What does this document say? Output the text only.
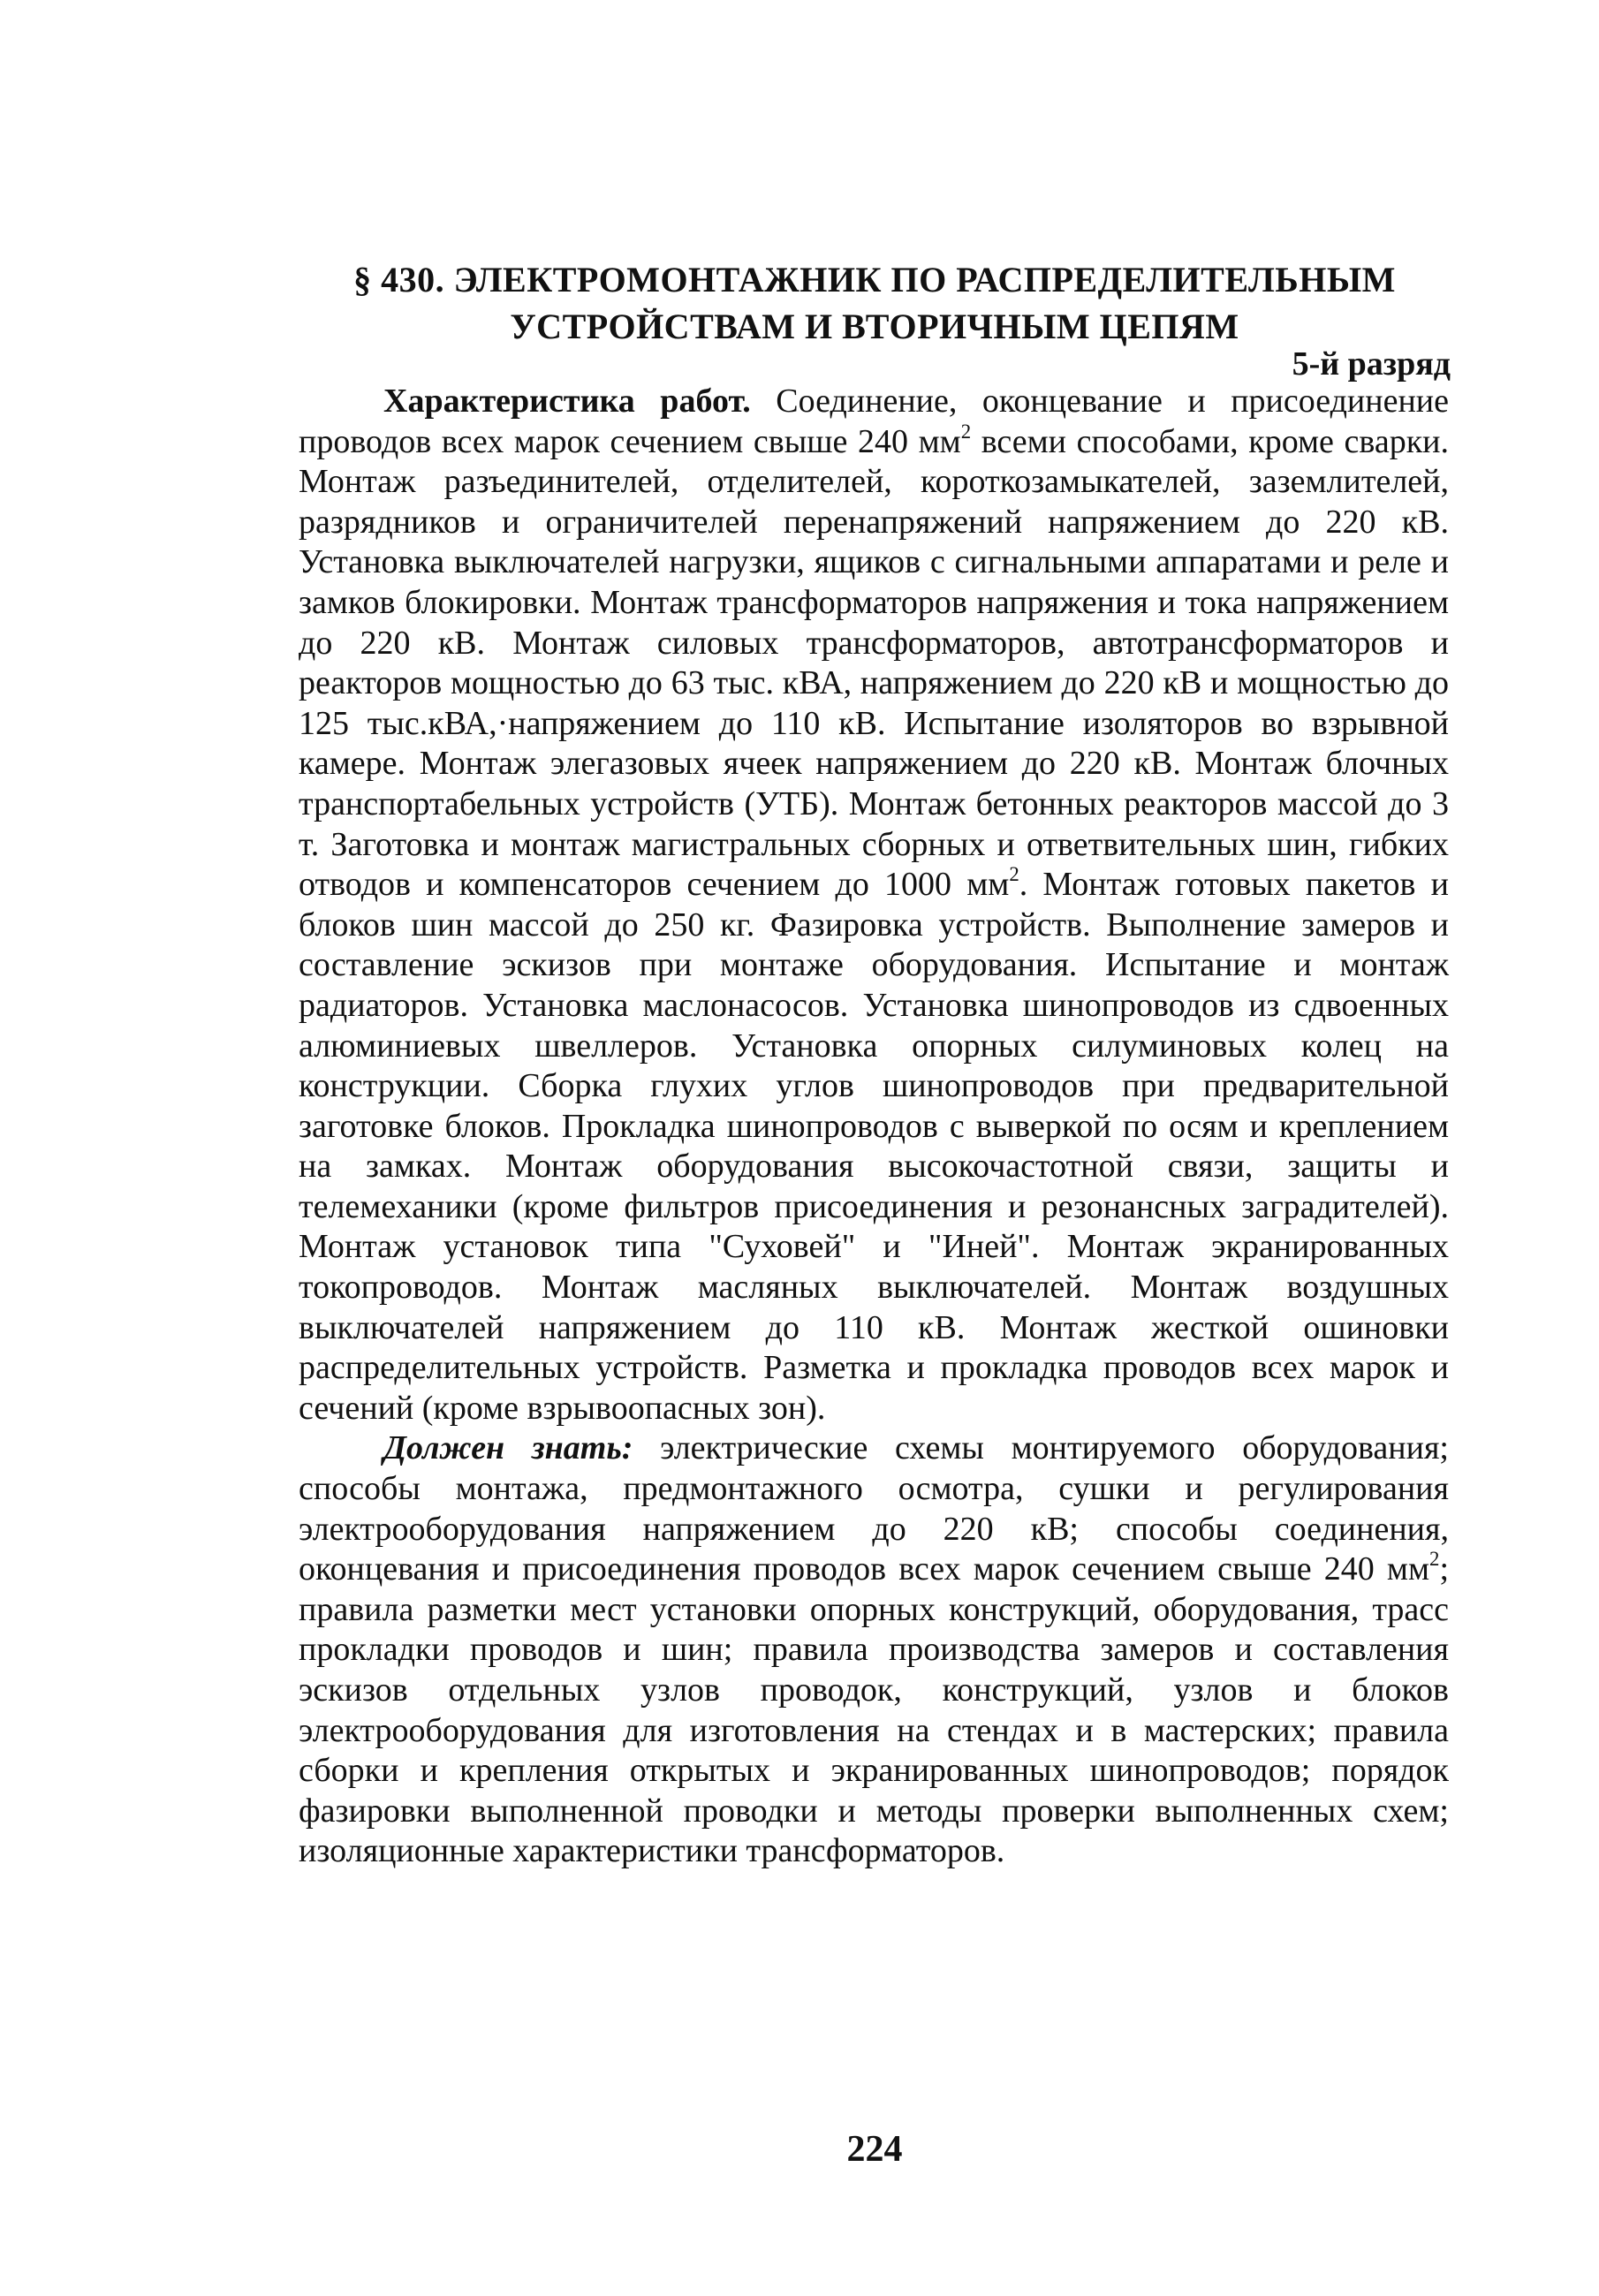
§ 430. ЭЛЕКТРОМОНТАЖНИК ПО РАСПРЕДЕЛИТЕЛЬНЫМ
УСТРОЙСТВАМ И ВТОРИЧНЫМ ЦЕПЯМ
5-й разряд

Характеристика работ. Соединение, оконцевание и присоединение проводов всех марок сечением свыше 240 $мм^2$ всеми способами, кроме сварки. Монтаж разъединителей, отделителей, короткозамыкателей, заземлителей, разрядников и ограничителей перенапряжений напряжением до 220 кВ. Установка выключателей нагрузки, ящиков с сигнальными аппаратами и реле и замков блокировки. Монтаж трансформаторов напряжения и тока напряжением до 220 кВ. Монтаж силовых трансформаторов, автотрансформаторов и реакторов мощностью до 63 тыс. кВА, напряжением до 220 кВ и мощностью до 125 тыс.кВА,·напряжением до 110 кВ. Испытание изоляторов во взрывной камере. Монтаж элегазовых ячеек напряжением до 220 кВ. Монтаж блочных транспортабельных устройств (УТБ). Монтаж бетонных реакторов массой до 3 т. Заготовка и монтаж магистральных сборных и ответвительных шин, гибких отводов и компенсаторов сечением до 1000 $мм^2$. Монтаж готовых пакетов и блоков шин массой до 250 кг. Фазировка устройств. Выполнение замеров и составление эскизов при монтаже оборудования. Испытание и монтаж радиаторов. Установка маслонасосов. Установка шинопроводов из сдвоенных алюминиевых швеллеров. Установка опорных силуминовых колец на конструкции. Сборка глухих углов шинопроводов при предварительной заготовке блоков. Прокладка шинопроводов с выверкой по осям и креплением на замках. Монтаж оборудования высокочастотной связи, защиты и телемеханики (кроме фильтров присоединения и резонансных заградителей). Монтаж установок типа "Суховей" и "Иней". Монтаж экранированных токопроводов. Монтаж масляных выключателей. Монтаж воздушных выключателей напряжением до 110 кВ. Монтаж жесткой ошиновки распределительных устройств. Разметка и прокладка проводов всех марок и сечений (кроме взрывоопасных зон).

Должен знать: электрические схемы монтируемого оборудования; способы монтажа, предмонтажного осмотра, сушки и регулирования электрооборудования напряжением до 220 кВ; способы соединения, оконцевания и присоединения проводов всех марок сечением свыше 240 $мм^2$; правила разметки мест установки опорных конструкций, оборудования, трасс прокладки проводов и шин; правила производства замеров и составления эскизов отдельных узлов проводок, конструкций, узлов и блоков электрооборудования для изготовления на стендах и в мастерских; правила сборки и крепления открытых и экранированных шинопроводов; порядок фазировки выполненной проводки и методы проверки выполненных схем; изоляционные характеристики трансформаторов.

224
